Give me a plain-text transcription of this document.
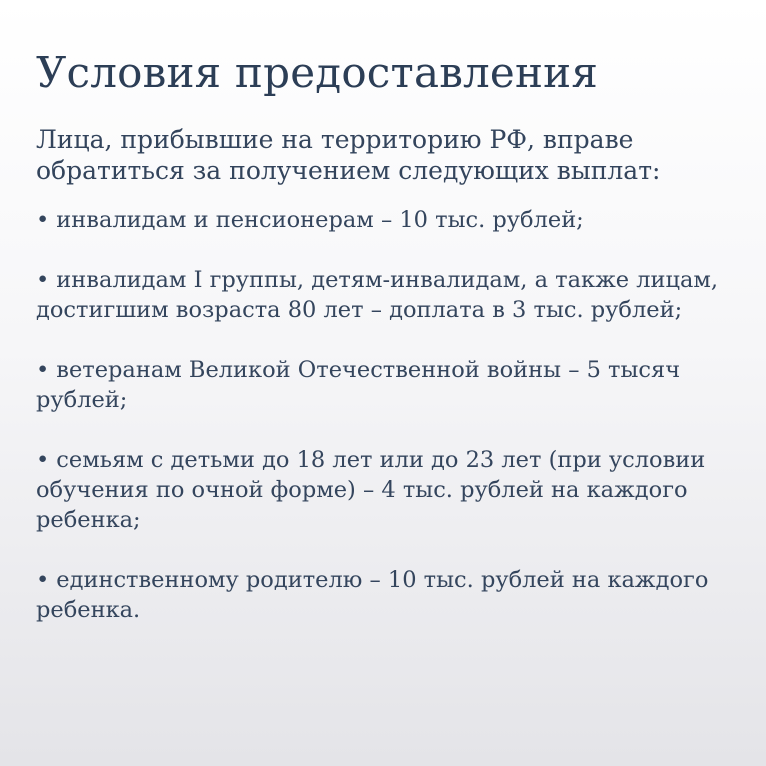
Условия предоставления

Лица, прибывшие на территорию РФ, вправе обратиться за получением следующих выплат:

• инвалидам и пенсионерам – 10 тыс. рублей;
• инвалидам I группы, детям-инвалидам, а также лицам, достигшим возраста 80 лет – доплата в 3 тыс. рублей;
• ветеранам Великой Отечественной войны – 5 тысяч рублей;
• семьям с детьми до 18 лет или до 23 лет (при условии обучения по очной форме) – 4 тыс. рублей на каждого ребенка;
• единственному родителю – 10 тыс. рублей на каждого ребенка.
